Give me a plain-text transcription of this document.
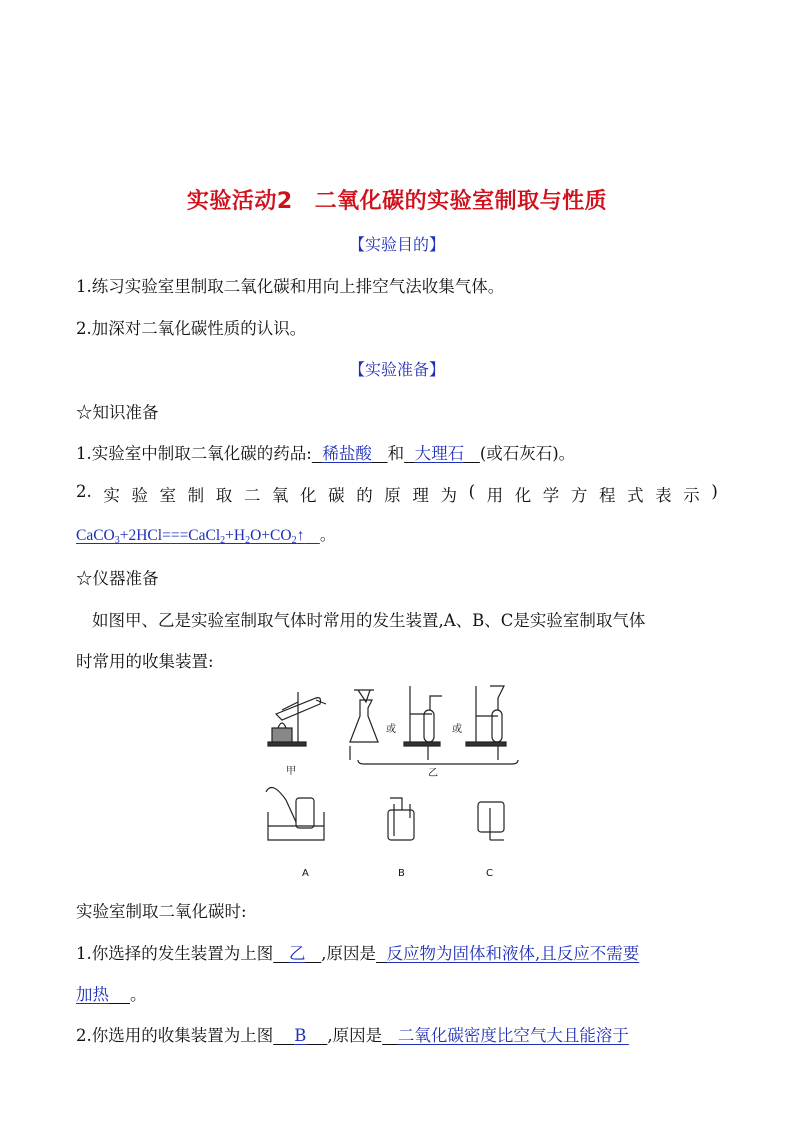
实验活动2 二氧化碳的实验室制取与性质
【实验目的】
1.练习实验室里制取二氧化碳和用向上排空气法收集气体。
2.加深对二氧化碳性质的认识。
【实验准备】
☆知识准备
1.实验室中制取二氧化碳的药品: 稀盐酸 和 大理石 (或石灰石)。
2. 实 验 室 制 取 二 氧 化 碳 的 原 理 为 ( 用 化 学 方 程 式 表 示 )
$CaCO_3+2HCl===CaCl_2+H_2O+CO_2↑$ 。
☆仪器准备
如图甲、乙是实验室制取气体时常用的发生装置,A、B、C是实验室制取气体
时常用的收集装置:
甲
或	或
乙
A	B	C
实验室制取二氧化碳时:
1.你选择的发生装置为上图 乙 ,原因是 反应物为固体和液体,且反应不需要
加热 。
2.你选用的收集装置为上图 B ,原因是 二氧化碳密度比空气大且能溶于
